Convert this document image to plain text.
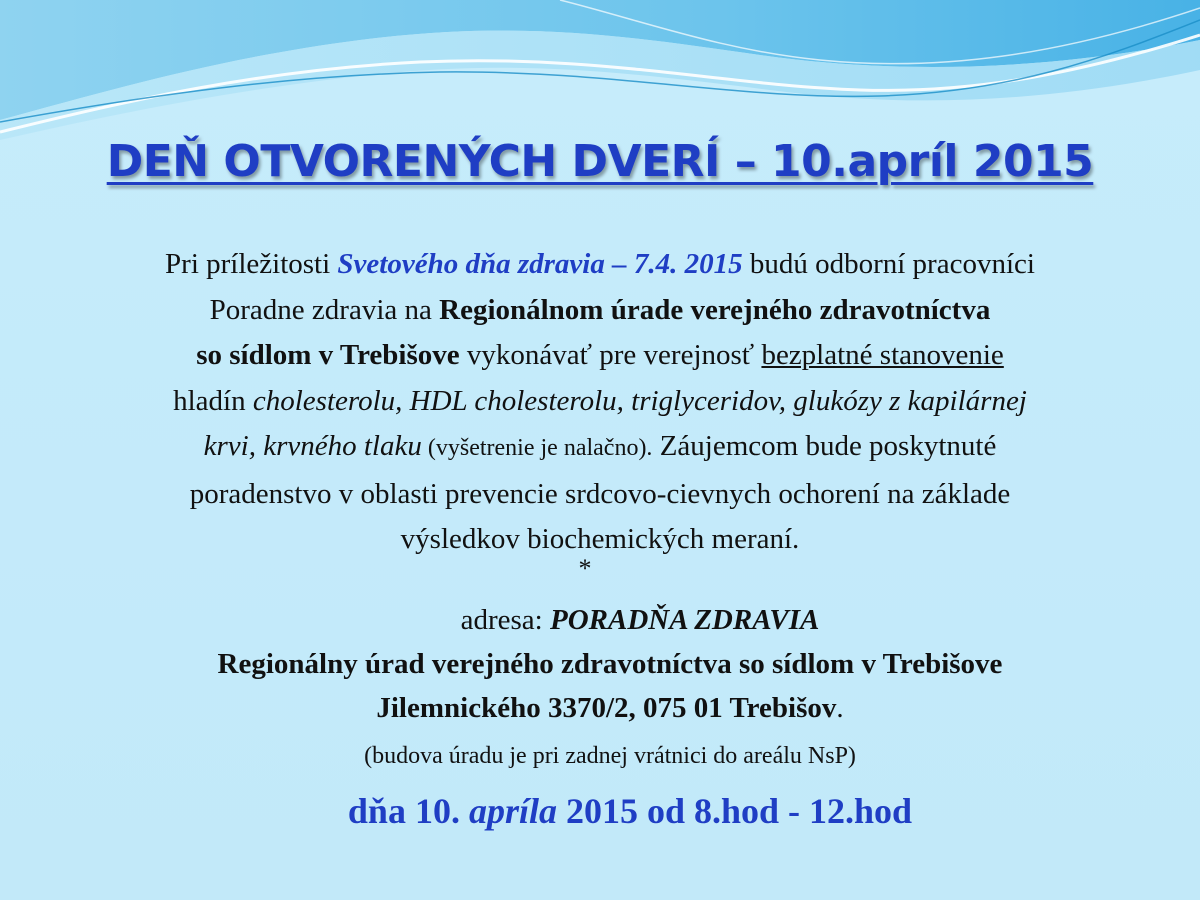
DEŇ OTVORENÝCH DVERÍ – 10.apríl 2015
Pri príležitosti Svetového dňa zdravia – 7.4. 2015 budú odborní pracovníci
Poradne zdravia na Regionálnom úrade verejného zdravotníctva
so sídlom v Trebišove vykonávať pre verejnosť bezplatné stanovenie
hladín cholesterolu, HDL cholesterolu, triglyceridov, glukózy z kapilárnej
krvi, krvného tlaku (vyšetrenie je nalačno). Záujemcom bude poskytnuté
poradenstvo v oblasti prevencie srdcovo-cievnych ochorení na základe
výsledkov biochemických meraní.
*
adresa: PORADŇA ZDRAVIA
Regionálny úrad verejného zdravotníctva so sídlom v Trebišove
Jilemnického 3370/2, 075 01 Trebišov.
(budova úradu je pri zadnej vrátnici do areálu NsP)
dňa 10. apríla 2015 od 8.hod - 12.hod
